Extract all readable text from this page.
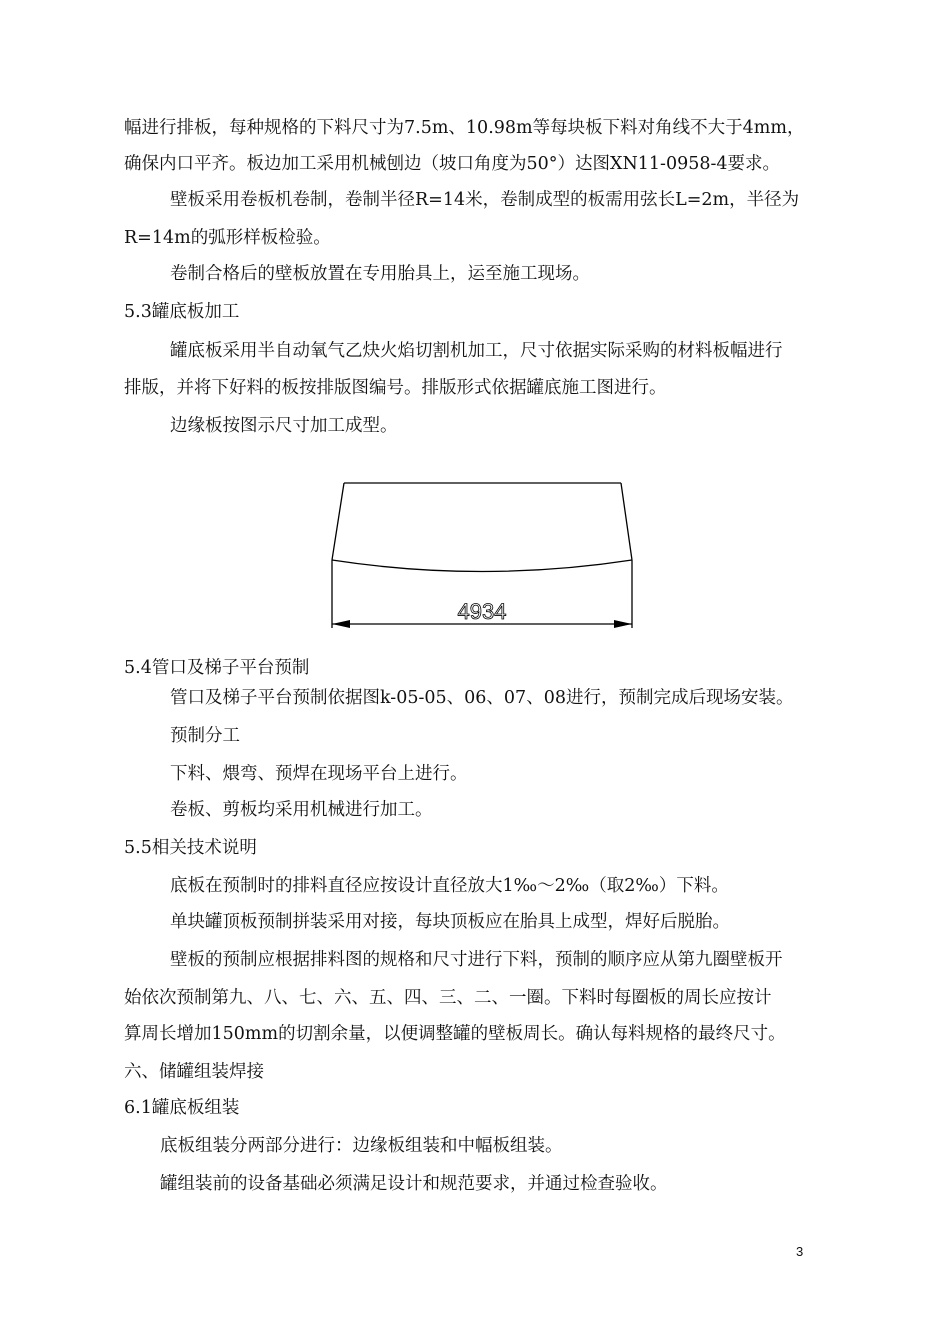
幅进行排板，每种规格的下料尺寸为7.5m、10.98m等每块板下料对角线不大于4mm，
确保内口平齐。板边加工采用机械刨边（坡口角度为50°）达图XN11-0958-4要求。
壁板采用卷板机卷制，卷制半径R=14米，卷制成型的板需用弦长L=2m，半径为
R=14m的弧形样板检验。
卷制合格后的壁板放置在专用胎具上，运至施工现场。
5.3罐底板加工
罐底板采用半自动氧气乙炔火焰切割机加工，尺寸依据实际采购的材料板幅进行
排版，并将下好料的板按排版图编号。排版形式依据罐底施工图进行。
边缘板按图示尺寸加工成型。
4934
5.4管口及梯子平台预制
管口及梯子平台预制依据图k-05-05、06、07、08进行，预制完成后现场安装。
预制分工
下料、煨弯、预焊在现场平台上进行。
卷板、剪板均采用机械进行加工。
5.5相关技术说明
底板在预制时的排料直径应按设计直径放大1‰～2‰（取2‰）下料。
单块罐顶板预制拼装采用对接，每块顶板应在胎具上成型，焊好后脱胎。
壁板的预制应根据排料图的规格和尺寸进行下料，预制的顺序应从第九圈壁板开
始依次预制第九、八、七、六、五、四、三、二、一圈。下料时每圈板的周长应按计
算周长增加150mm的切割余量，以便调整罐的壁板周长。确认每料规格的最终尺寸。
六、储罐组装焊接
6.1罐底板组装
底板组装分两部分进行：边缘板组装和中幅板组装。
罐组装前的设备基础必须满足设计和规范要求，并通过检查验收。
3
